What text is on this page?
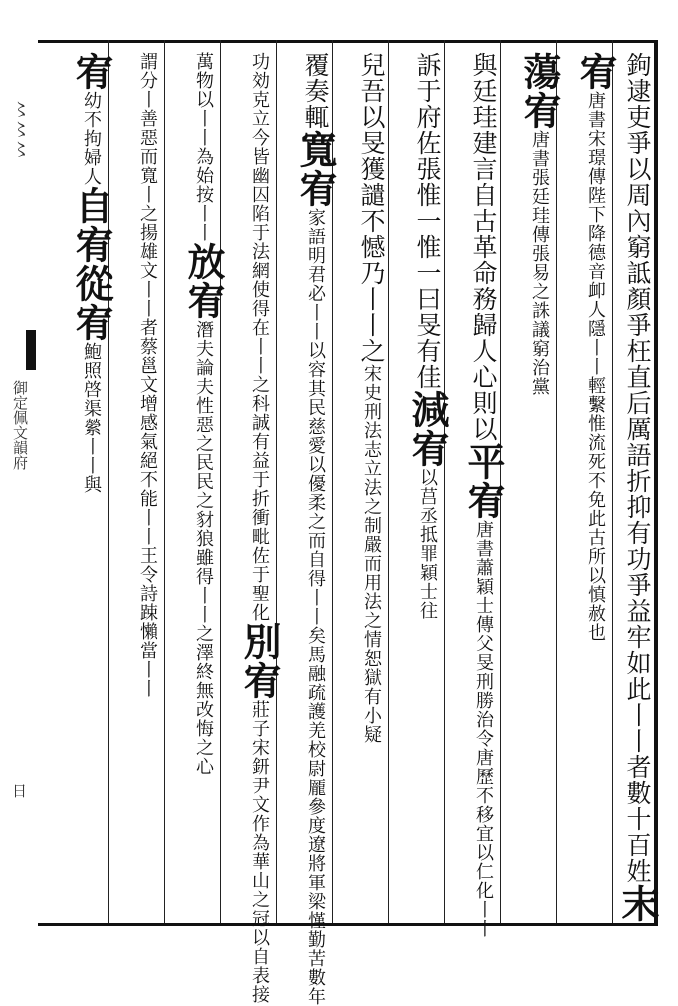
〻〻〻
御定佩文韻府
日	鉤逮吏爭以周內窮詆顏爭枉直后厲語折抑有功爭益牢如此丨丨者數十百姓末
宥唐書宋璟傳陛下降德音卹人隱丨丨輕繫惟流死不免此古所以慎赦也
蕩宥唐書張廷珪傳張易之誅議窮治黨
與廷珪建言自古革命務歸人心則以平宥唐書蕭穎士傳父旻刑勝治令唐歷不移宜以仁化丨丨
訴于府佐張惟一惟一曰旻有佳減宥以莒丞抵罪穎士往
兒吾以旻獲譴不憾乃丨丨之宋史刑法志立法之制嚴而用法之情恕獄有小疑
覆奏輒寬宥家語明君必丨丨以容其民慈愛以優柔之而自得丨丨矣馬融疏護羌校尉龎參度遼將軍梁慬勤苦數年
功効克立今皆幽囚陷于法網使得在丨丨之科誠有益于折衝毗佐于聖化別宥莊子宋鈃尹文作為華山之冠以自表接
萬物以丨丨為始按丨丨放宥潛夫論夫性惡之民民之豺狼雖得丨丨之澤終無改悔之心
謂分丨善惡而寬丨之揚雄文丨丨者蔡邕文增感氣絕不能丨丨王令詩踈懶當丨丨
宥幼不拘婦人自宥從宥鮑照啓渠縈丨丨與
